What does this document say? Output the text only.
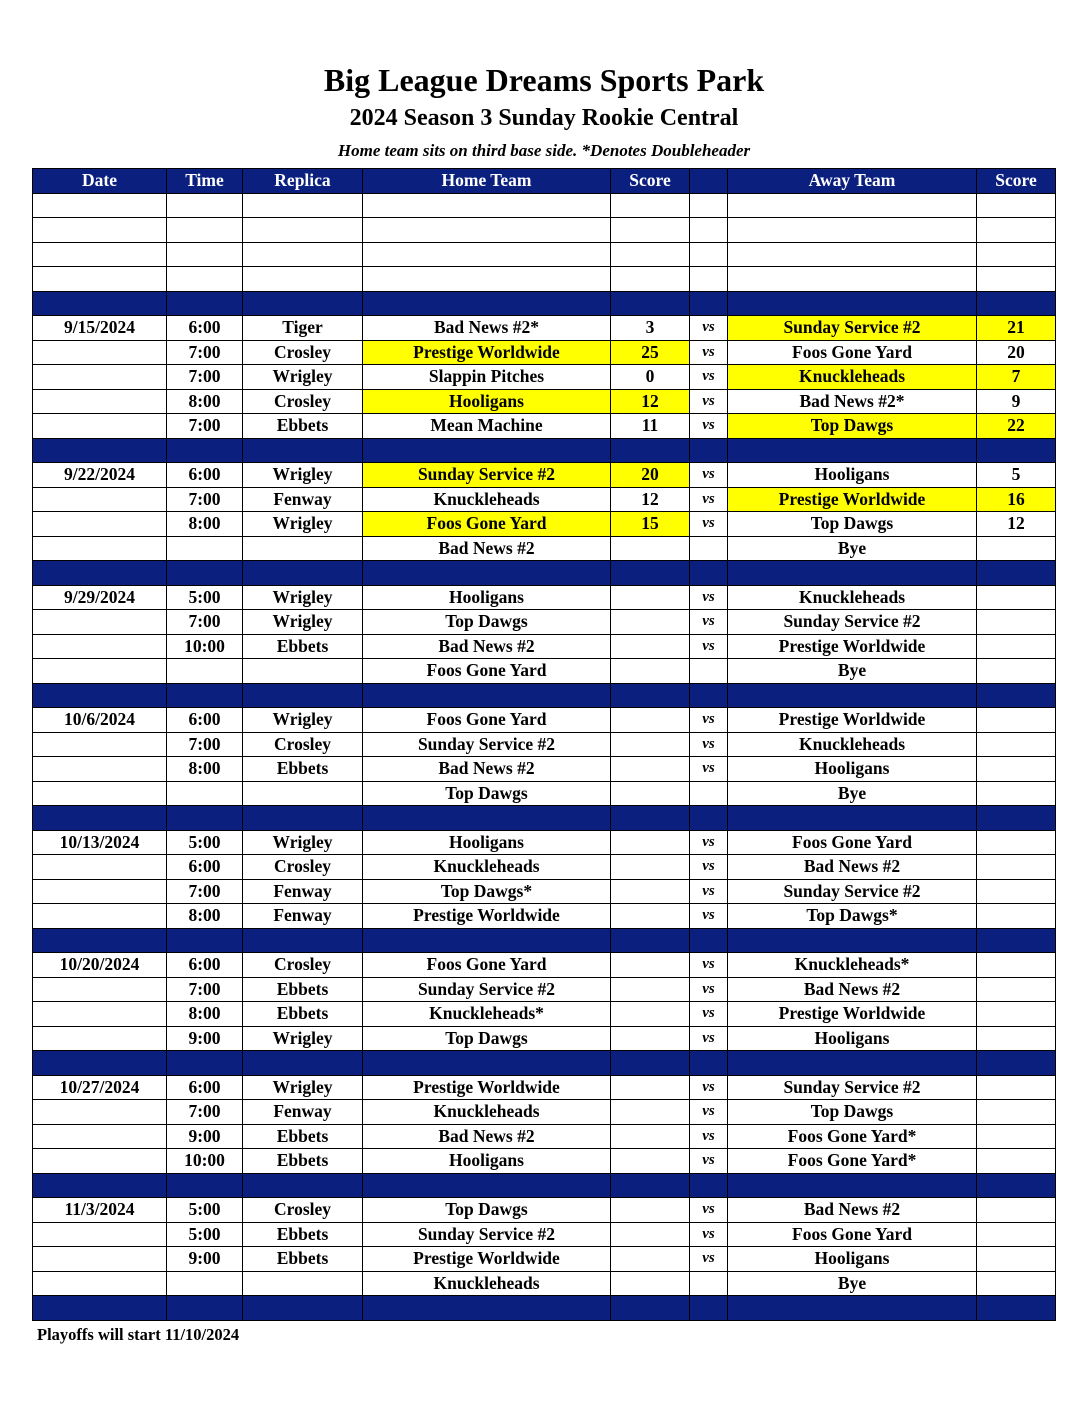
Big League Dreams Sports Park
2024 Season 3 Sunday Rookie Central
Home team sits on third base side. *Denotes Doubleheader
Date	Time	Replica	Home Team	Score		Away Team	Score

9/15/2024	6:00	Tiger	Bad News #2*	3	vs	Sunday Service #2	21
	7:00	Crosley	Prestige Worldwide	25	vs	Foos Gone Yard	20
	7:00	Wrigley	Slappin Pitches	0	vs	Knuckleheads	7
	8:00	Crosley	Hooligans	12	vs	Bad News #2*	9
	7:00	Ebbets	Mean Machine	11	vs	Top Dawgs	22

9/22/2024	6:00	Wrigley	Sunday Service #2	20	vs	Hooligans	5
	7:00	Fenway	Knuckleheads	12	vs	Prestige Worldwide	16
	8:00	Wrigley	Foos Gone Yard	15	vs	Top Dawgs	12
			Bad News #2			Bye	

9/29/2024	5:00	Wrigley	Hooligans		vs	Knuckleheads	
	7:00	Wrigley	Top Dawgs		vs	Sunday Service #2	
	10:00	Ebbets	Bad News #2		vs	Prestige Worldwide	
			Foos Gone Yard			Bye	

10/6/2024	6:00	Wrigley	Foos Gone Yard		vs	Prestige Worldwide	
	7:00	Crosley	Sunday Service #2		vs	Knuckleheads	
	8:00	Ebbets	Bad News #2		vs	Hooligans	
			Top Dawgs			Bye	

10/13/2024	5:00	Wrigley	Hooligans		vs	Foos Gone Yard	
	6:00	Crosley	Knuckleheads		vs	Bad News #2	
	7:00	Fenway	Top Dawgs*		vs	Sunday Service #2	
	8:00	Fenway	Prestige Worldwide		vs	Top Dawgs*	

10/20/2024	6:00	Crosley	Foos Gone Yard		vs	Knuckleheads*	
	7:00	Ebbets	Sunday Service #2		vs	Bad News #2	
	8:00	Ebbets	Knuckleheads*		vs	Prestige Worldwide	
	9:00	Wrigley	Top Dawgs		vs	Hooligans	

10/27/2024	6:00	Wrigley	Prestige Worldwide		vs	Sunday Service #2	
	7:00	Fenway	Knuckleheads		vs	Top Dawgs	
	9:00	Ebbets	Bad News #2		vs	Foos Gone Yard*	
	10:00	Ebbets	Hooligans		vs	Foos Gone Yard*	

11/3/2024	5:00	Crosley	Top Dawgs		vs	Bad News #2	
	5:00	Ebbets	Sunday Service #2		vs	Foos Gone Yard	
	9:00	Ebbets	Prestige Worldwide		vs	Hooligans	
			Knuckleheads			Bye	

Playoffs will start 11/10/2024
